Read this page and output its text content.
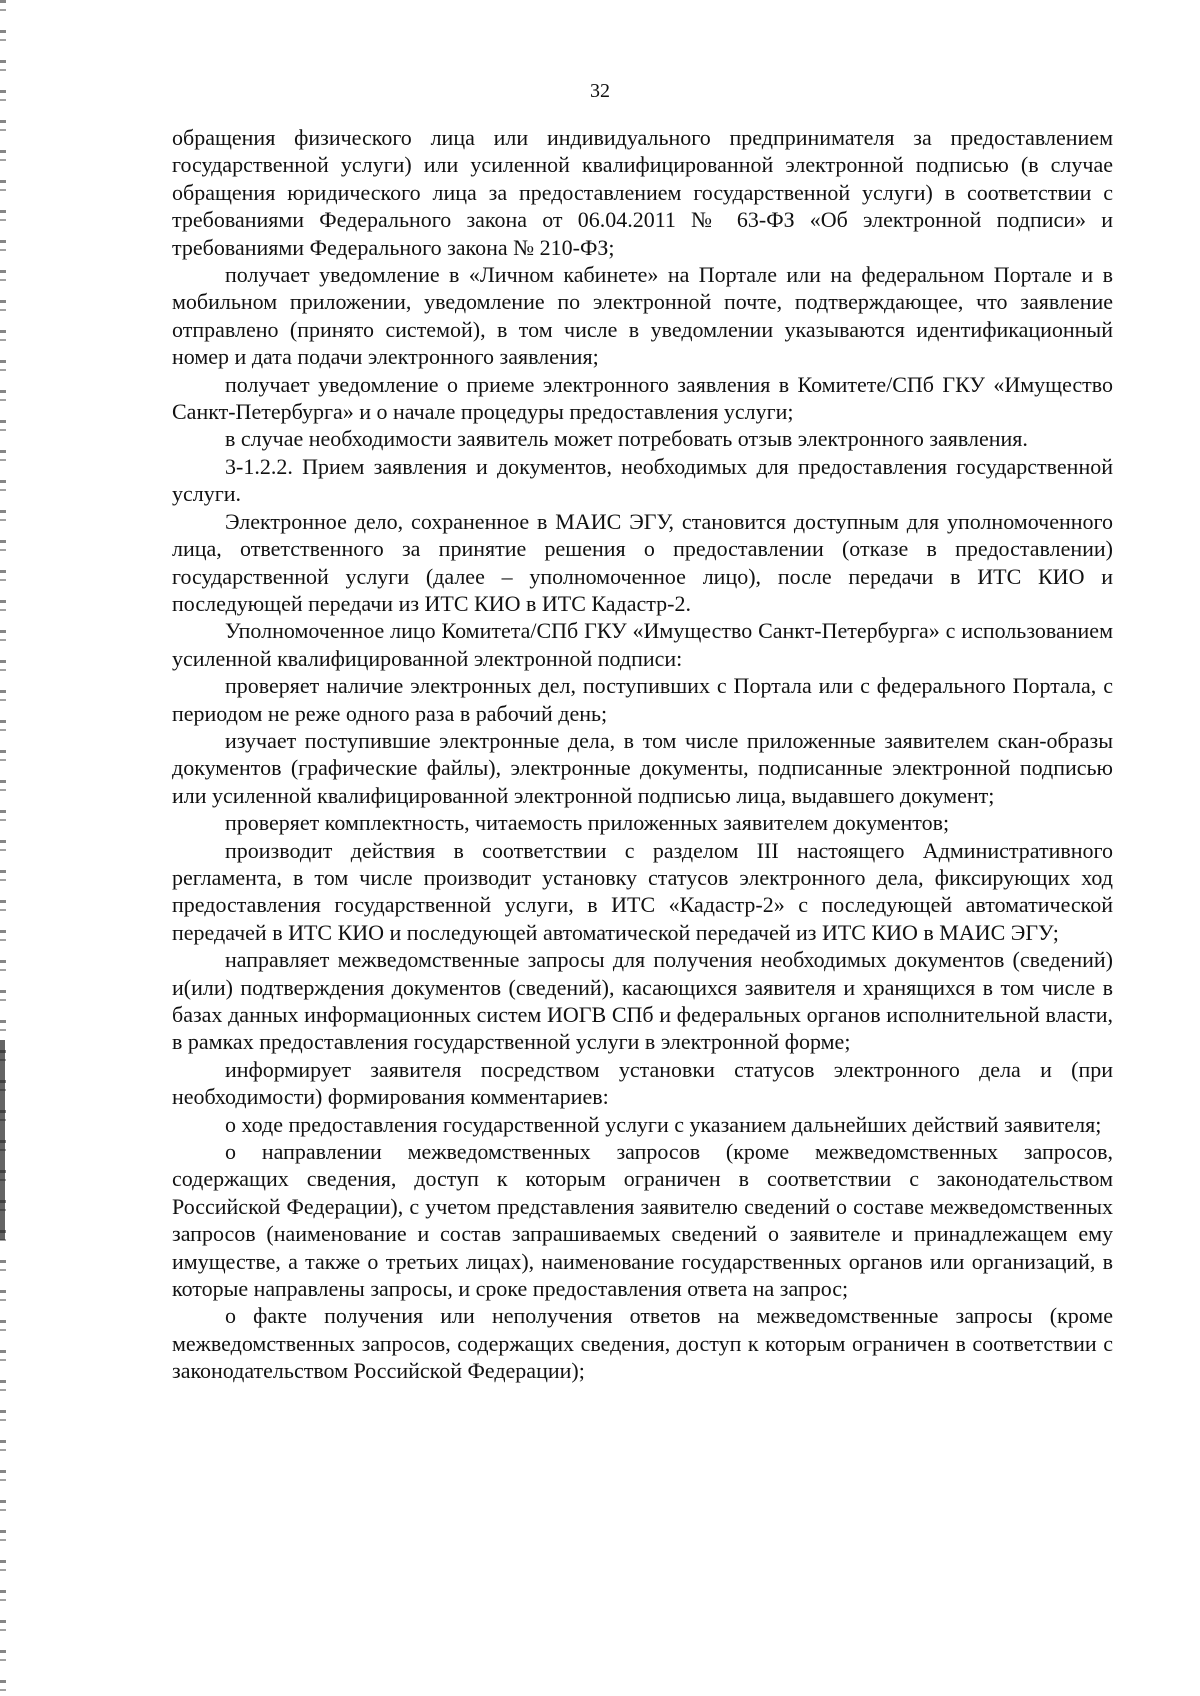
32

обращения физического лица или индивидуального предпринимателя за предоставлением государственной услуги) или усиленной квалифицированной электронной подписью (в случае обращения юридического лица за предоставлением государственной услуги) в соответствии с требованиями Федерального закона от 06.04.2011 № 63-ФЗ «Об электронной подписи» и требованиями Федерального закона № 210-ФЗ;

получает уведомление в «Личном кабинете» на Портале или на федеральном Портале и в мобильном приложении, уведомление по электронной почте, подтверждающее, что заявление отправлено (принято системой), в том числе в уведомлении указываются идентификационный номер и дата подачи электронного заявления;

получает уведомление о приеме электронного заявления в Комитете/СПб ГКУ «Имущество Санкт-Петербурга» и о начале процедуры предоставления услуги;

в случае необходимости заявитель может потребовать отзыв электронного заявления.

3-1.2.2. Прием заявления и документов, необходимых для предоставления государственной услуги.

Электронное дело, сохраненное в МАИС ЭГУ, становится доступным для уполномоченного лица, ответственного за принятие решения о предоставлении (отказе в предоставлении) государственной услуги (далее – уполномоченное лицо), после передачи в ИТС КИО и последующей передачи из ИТС КИО в ИТС Кадастр-2.

Уполномоченное лицо Комитета/СПб ГКУ «Имущество Санкт-Петербурга» с использованием усиленной квалифицированной электронной подписи:

проверяет наличие электронных дел, поступивших с Портала или с федерального Портала, с периодом не реже одного раза в рабочий день;

изучает поступившие электронные дела, в том числе приложенные заявителем скан-образы документов (графические файлы), электронные документы, подписанные электронной подписью или усиленной квалифицированной электронной подписью лица, выдавшего документ;

проверяет комплектность, читаемость приложенных заявителем документов;

производит действия в соответствии с разделом III настоящего Административного регламента, в том числе производит установку статусов электронного дела, фиксирующих ход предоставления государственной услуги, в ИТС «Кадастр-2» с последующей автоматической передачей в ИТС КИО и последующей автоматической передачей из ИТС КИО в МАИС ЭГУ;

направляет межведомственные запросы для получения необходимых документов (сведений) и(или) подтверждения документов (сведений), касающихся заявителя и хранящихся в том числе в базах данных информационных систем ИОГВ СПб и федеральных органов исполнительной власти, в рамках предоставления государственной услуги в электронной форме;

информирует заявителя посредством установки статусов электронного дела и (при необходимости) формирования комментариев:

о ходе предоставления государственной услуги с указанием дальнейших действий заявителя;

о направлении межведомственных запросов (кроме межведомственных запросов, содержащих сведения, доступ к которым ограничен в соответствии с законодательством Российской Федерации), с учетом представления заявителю сведений о составе межведомственных запросов (наименование и состав запрашиваемых сведений о заявителе и принадлежащем ему имуществе, а также о третьих лицах), наименование государственных органов или организаций, в которые направлены запросы, и сроке предоставления ответа на запрос;

о факте получения или неполучения ответов на межведомственные запросы (кроме межведомственных запросов, содержащих сведения, доступ к которым ограничен в соответствии с законодательством Российской Федерации);
